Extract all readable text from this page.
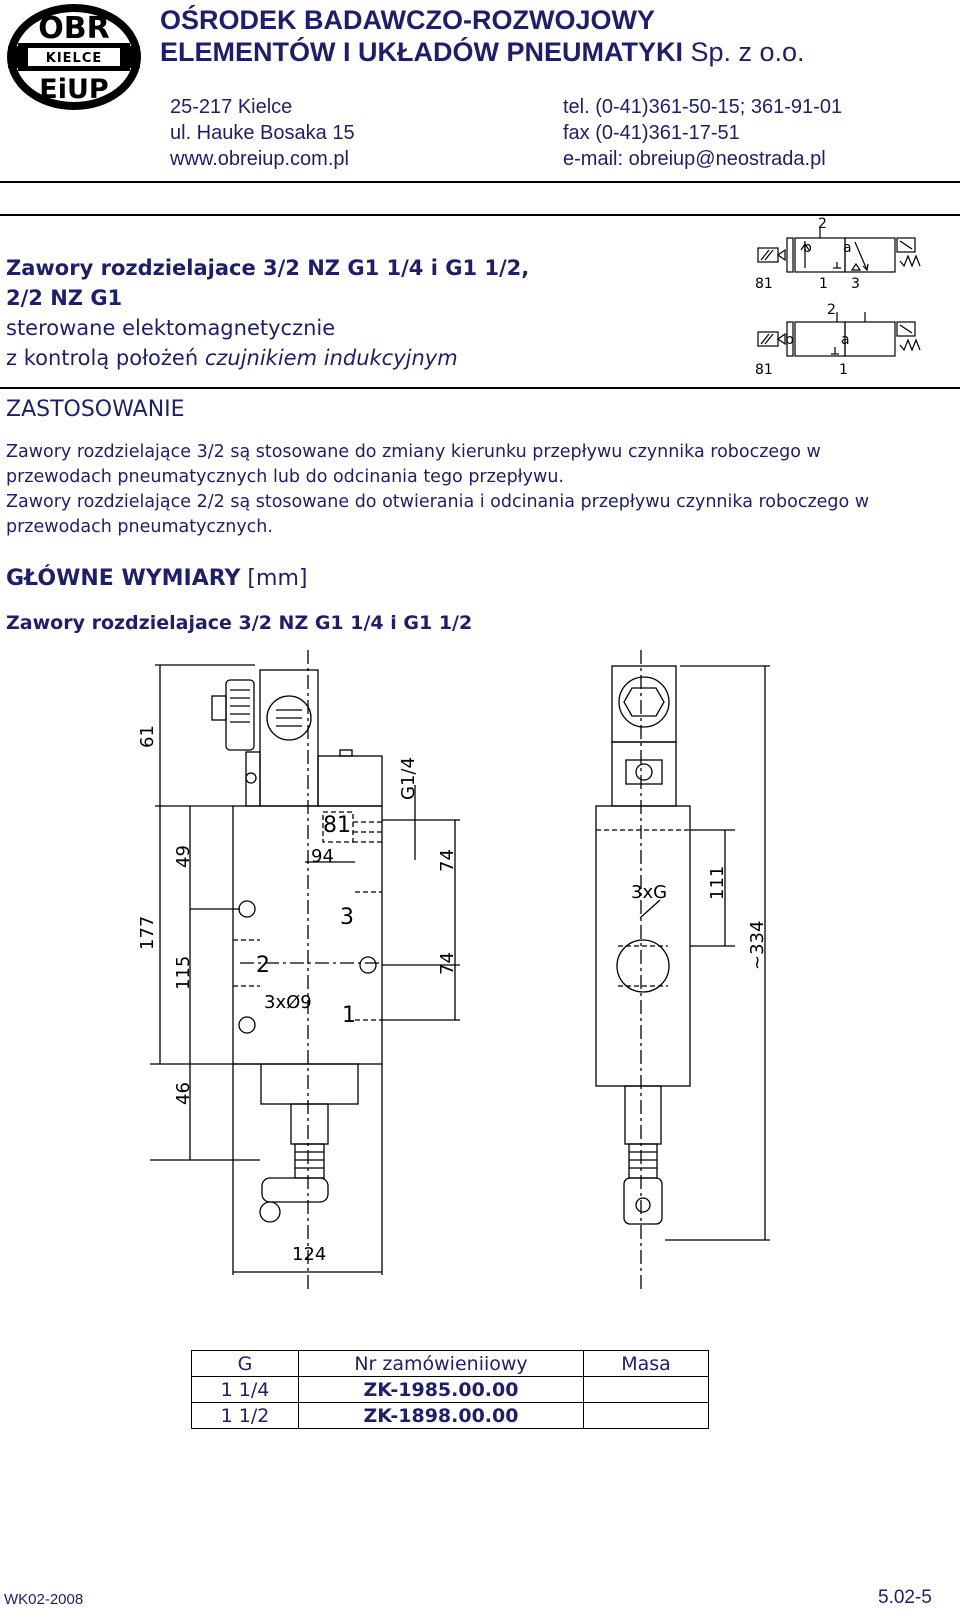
OBR
KIELCE
EiUP
OŚRODEK BADAWCZO-ROZWOJOWY
ELEMENTÓW I UKŁADÓW PNEUMATYKI Sp. z o.o.
25-217 Kielce
ul. Hauke Bosaka 15
www.obreiup.com.pl
tel. (0-41)361-50-15; 361-91-01
fax (0-41)361-17-51
e-mail: obreiup@neostrada.pl
Zawory rozdzielajace 3/2 NZ G1 1/4 i G1 1/2,
2/2 NZ G1
sterowane elektomagnetycznie
z kontrolą położeń czujnikiem indukcyjnym
2
81
b a
1 3
2
81
b	a
1
ZASTOSOWANIE

Zawory rozdzielające 3/2 są stosowane do zmiany kierunku przepływu czynnika roboczego w przewodach pneumatycznych lub do odcinania tego przepływu.

Zawory rozdzielające 2/2 są stosowane do otwierania i odcinania przepływu czynnika roboczego w przewodach pneumatycznych.

GŁÓWNE WYMIARY [mm]
Zawory rozdzielajace 3/2 NZ G1 1/4 i G1 1/2
61
49
177
115
46
94	74
74
G1/4
81
3
2
1
3xØ9
124
3xG 111
~334
G	Nr zamówieniiowy	Masa
1 1/4	ZK-1985.00.00	
1 1/2	ZK-1898.00.00	
WK02-2008	5.02-5
